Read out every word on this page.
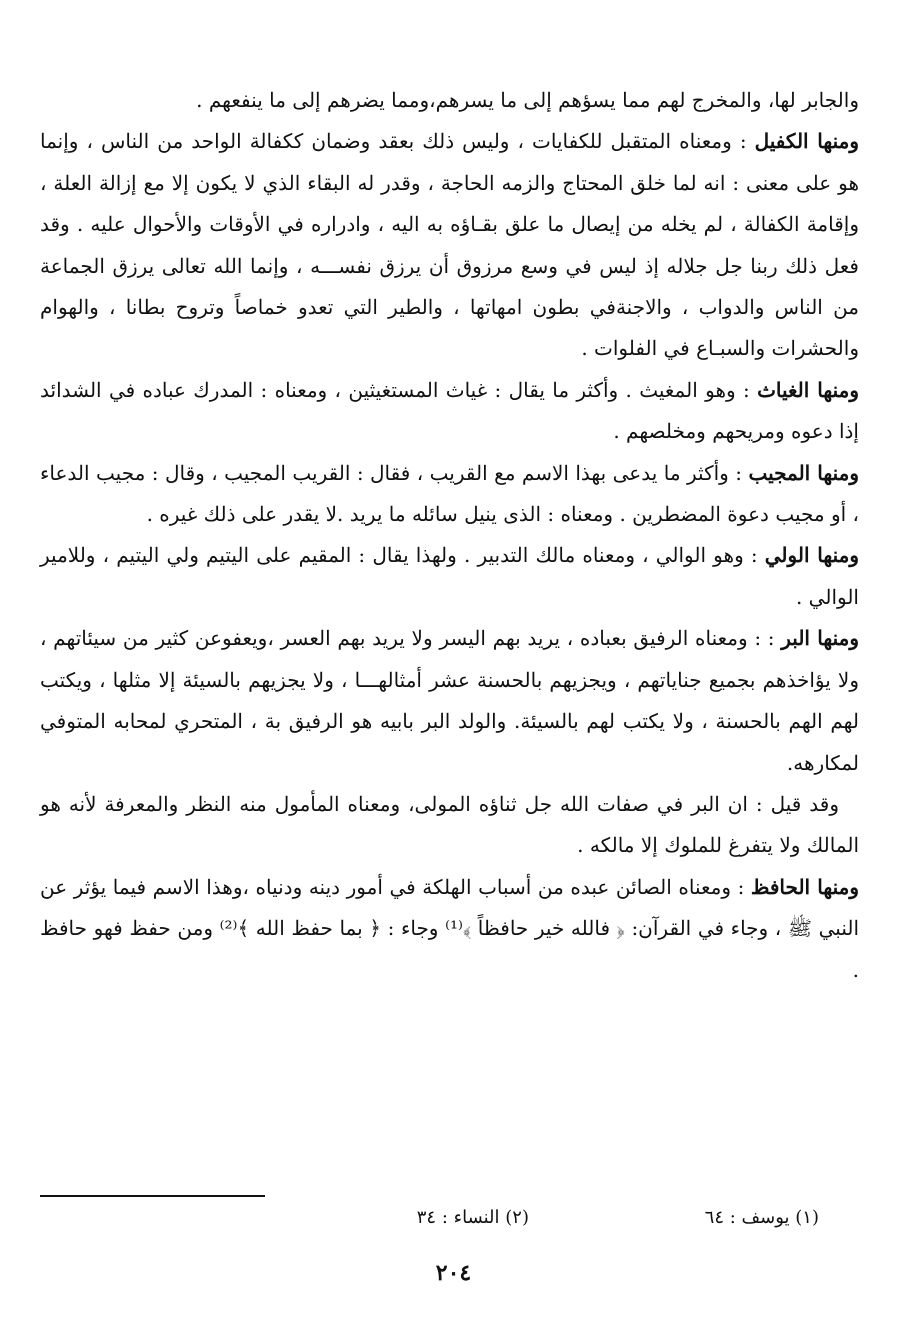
والجابر لها، والمخرج لهم مما يسؤهم إلى ما يسرهم،ومما يضرهم إلى ما ينفعهم .

ومنها الكفيل : ومعناه المتقبل للكفايات ، وليس ذلك بعقد وضمان ككفالة الواحد من الناس ، وإنما هو على معنى : انه لما خلق المحتاج والزمه الحاجة ، وقدر له البقاء الذي لا يكون إلا مع إزالة العلة ، وإقامة الكفالة ، لم يخله من إيصال ما علق بقـاؤه به اليه ، وادراره في الأوقات والأحوال عليه . وقد فعل ذلك ربنا جل جلاله إذ ليس في وسع مرزوق أن يرزق نفســـه ، وإنما الله تعالى يرزق الجماعة من الناس والدواب ، والاجنةفي بطون امهاتها ، والطير التي تعدو خماصاً وتروح بطانا ، والهوام والحشرات والسبـاع في الفلوات .

ومنها الغياث : وهو المغيث . وأكثر ما يقال : غياث المستغيثين ، ومعناه : المدرك عباده في الشدائد إذا دعوه ومريحهم ومخلصهم .

ومنها المجيب : وأكثر ما يدعى بهذا الاسم مع القريب ، فقال : القريب المجيب ، وقال : مجيب الدعاء ، أو مجيب دعوة المضطرين . ومعناه : الذى ينيل سائله ما يريد .لا يقدر على ذلك غيره .

ومنها الولي : وهو الوالي ، ومعناه مالك التدبير . ولهذا يقال : المقيم على اليتيم ولي اليتيم ، وللامير الوالي .

ومنها البر : : ومعناه الرفيق بعباده ، يريد بهم اليسر ولا يريد بهم العسر ،ويعفوعن كثير من سيئاتهم ، ولا يؤاخذهم بجميع جناياتهم ، ويجزيهم بالحسنة عشر أمثالهـــا ، ولا يجزيهم بالسيئة إلا مثلها ، ويكتب لهم الهم بالحسنة ، ولا يكتب لهم بالسيئة. والولد البر بابيه هو الرفيق بة ، المتحري لمحابه المتوفي لمكارهه.

وقد قيل : ان البر في صفات الله جل ثناؤه المولى، ومعناه المأمول منه النظر والمعرفة لأنه هو المالك ولا يتفرغ للملوك إلا مالكه .

ومنها الحافظ : ومعناه الصائن عبده من أسباب الهلكة في أمور دينه ودنياه ،وهذا الاسم فيما يؤثر عن النبي ﷺ ، وجاء في القرآن: ﴿ فالله خير حافظاً ﴾⁽¹⁾ وجاء : ﴿ بما حفظ الله ﴾⁽²⁾ ومن حفظ فهو حافظ .

(١) يوسف : ٦٤
(٢) النساء : ٣٤
٢٠٤
